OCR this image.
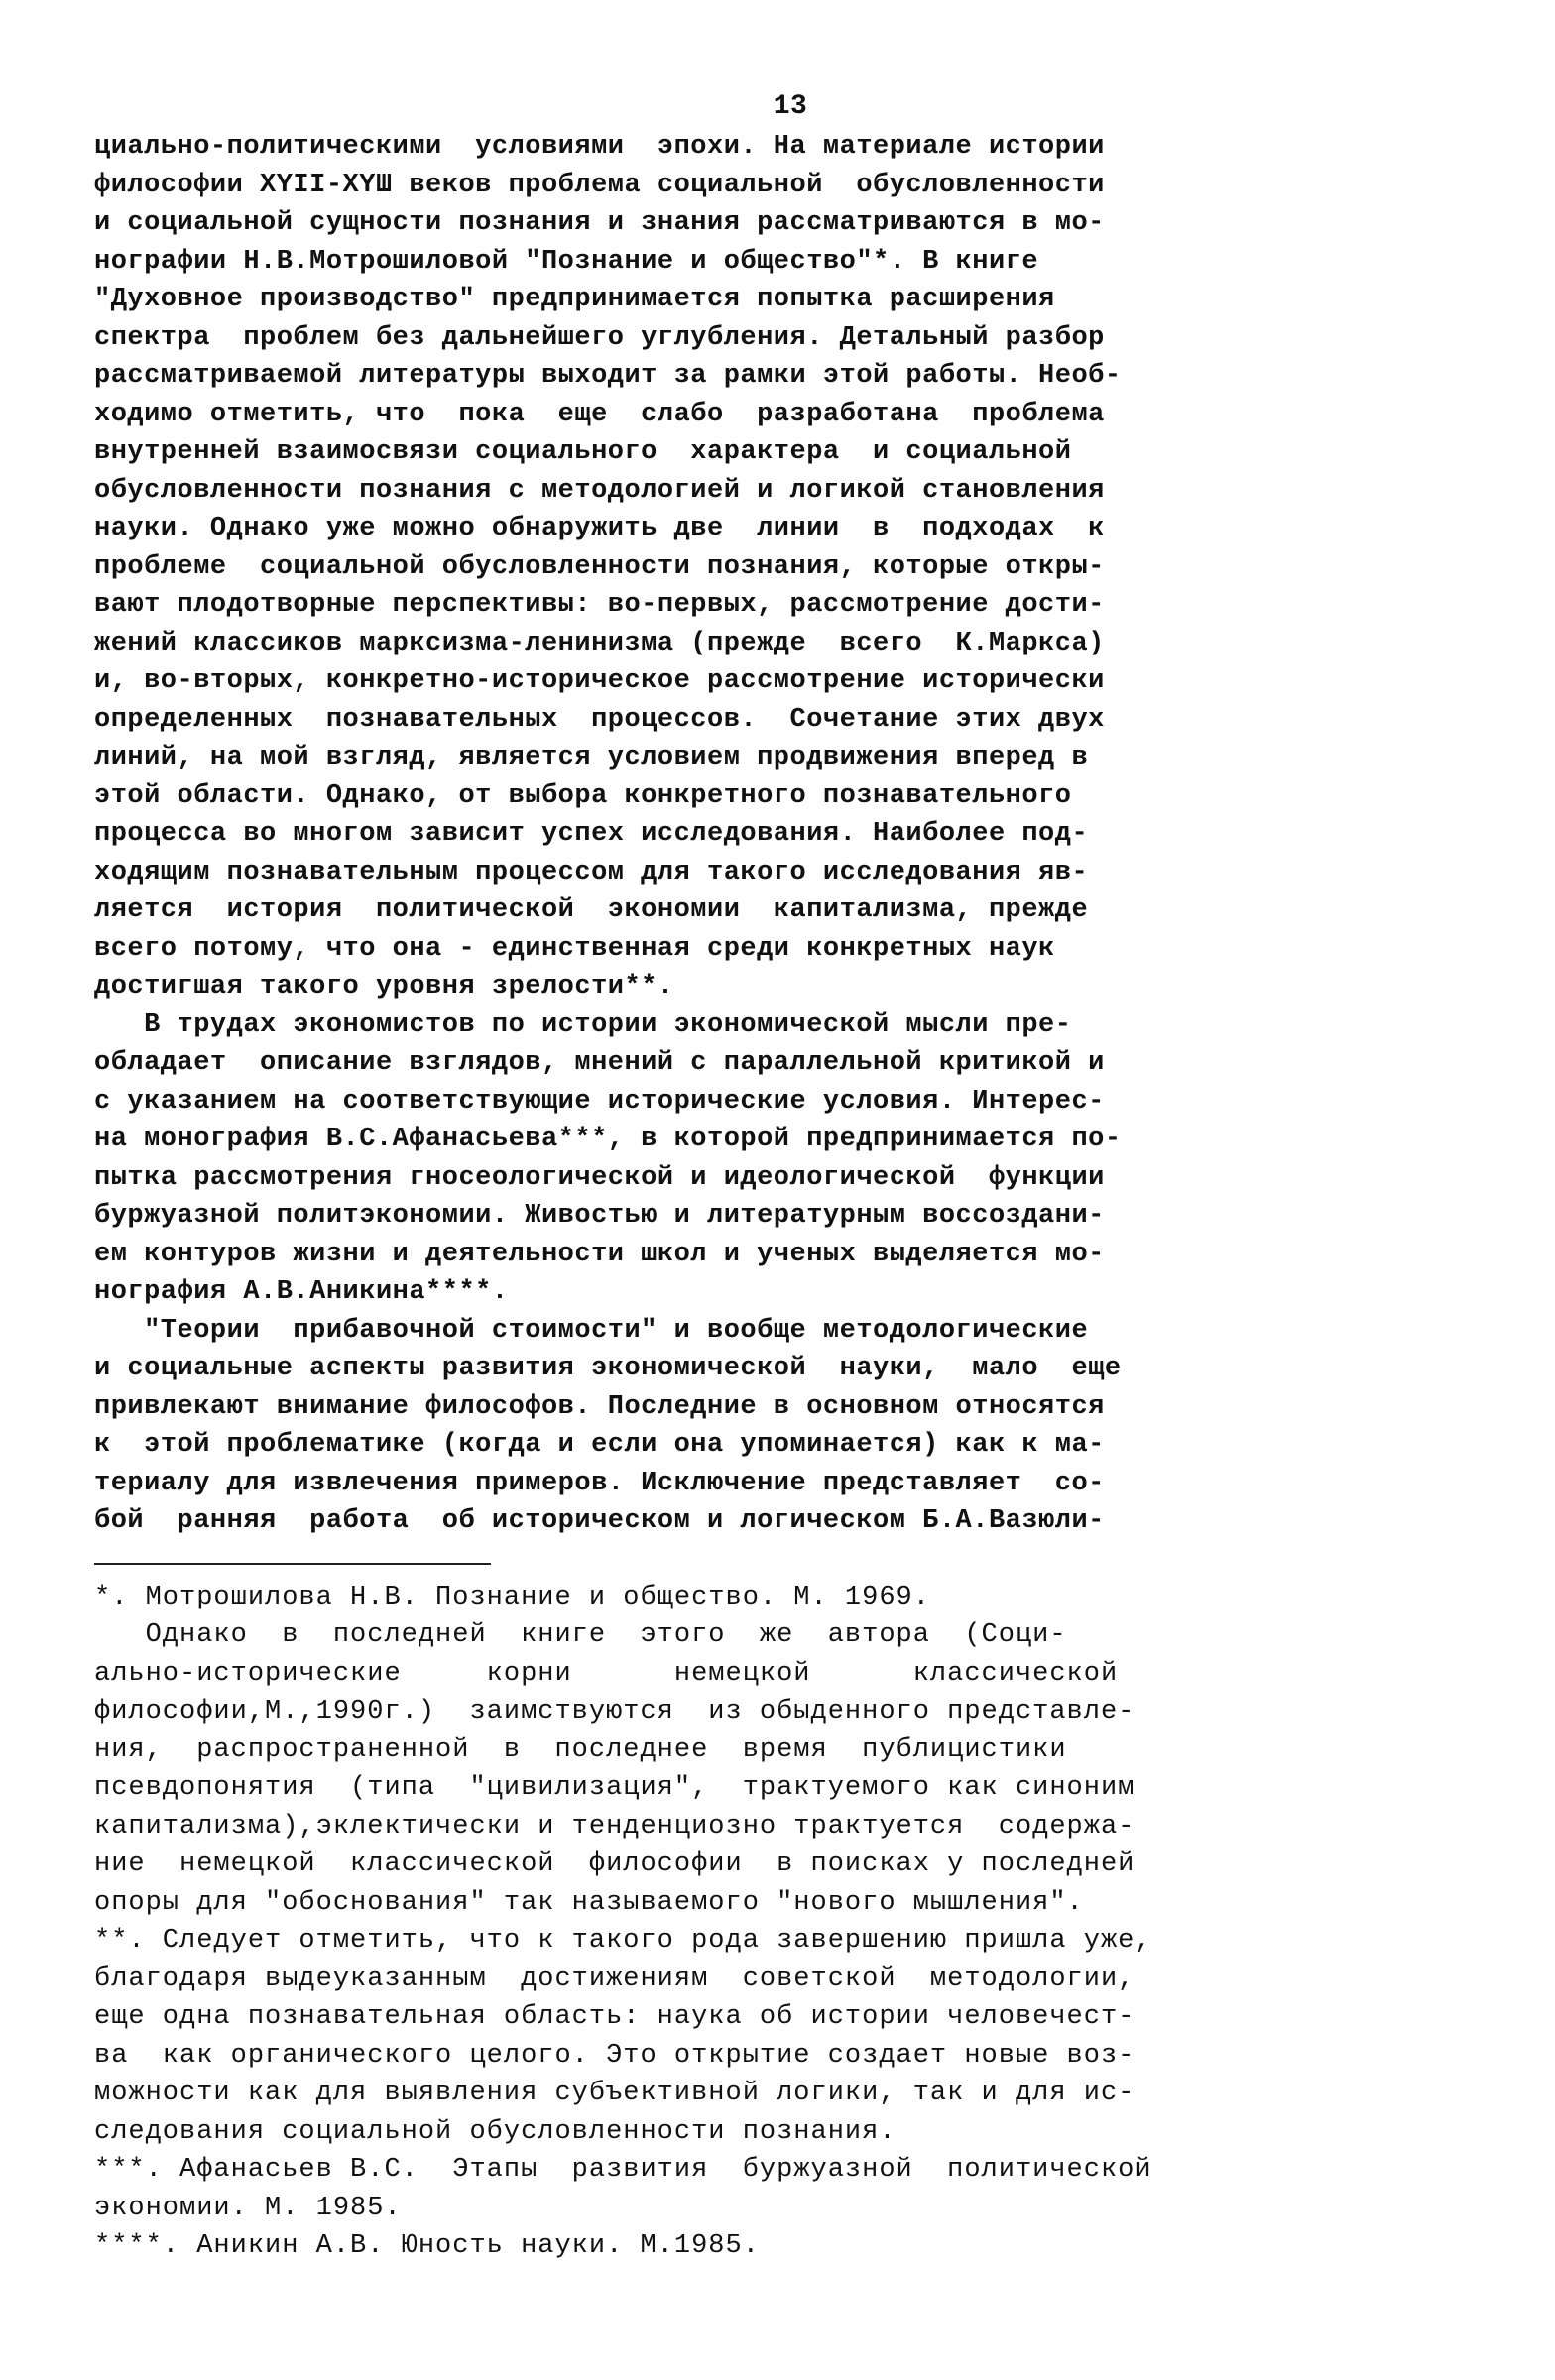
13
циально-политическими  условиями  эпохи. На материале истории
философии XYII-XYШ веков проблема социальной  обусловленности
и социальной сущности познания и знания рассматриваются в мо-
нографии Н.В.Мотрошиловой "Познание и общество"*. В книге
"Духовное производство" предпринимается попытка расширения
спектра  проблем без дальнейшего углубления. Детальный разбор
рассматриваемой литературы выходит за рамки этой работы. Необ-
ходимо отметить, что  пока  еще  слабо  разработана  проблема
внутренней взаимосвязи социального  характера  и социальной
обусловленности познания с методологией и логикой становления
науки. Однако уже можно обнаружить две  линии  в  подходах  к
проблеме  социальной обусловленности познания, которые откры-
вают плодотворные перспективы: во-первых, рассмотрение дости-
жений классиков марксизма-ленинизма (прежде  всего  К.Маркса)
и, во-вторых, конкретно-историческое рассмотрение исторически
определенных  познавательных  процессов.  Сочетание этих двух
линий, на мой взгляд, является условием продвижения вперед в
этой области. Однако, от выбора конкретного познавательного
процесса во многом зависит успех исследования. Наиболее под-
ходящим познавательным процессом для такого исследования яв-
ляется  история  политической  экономии  капитализма, прежде
всего потому, что она - единственная среди конкретных наук
достигшая такого уровня зрелости**.
В трудах экономистов по истории экономической мысли пре-
обладает  описание взглядов, мнений с параллельной критикой и
с указанием на соответствующие исторические условия. Интерес-
на монография В.С.Афанасьева***, в которой предпринимается по-
пытка рассмотрения гносеологической и идеологической  функции
буржуазной политэкономии. Живостью и литературным воссоздани-
ем контуров жизни и деятельности школ и ученых выделяется мо-
нография А.В.Аникина****.
"Теории  прибавочной стоимости" и вообще методологические
и социальные аспекты развития экономической  науки,  мало  еще
привлекают внимание философов. Последние в основном относятся
к  этой проблематике (когда и если она упоминается) как к ма-
териалу для извлечения примеров. Исключение представляет  со-
бой  ранняя  работа  об историческом и логическом Б.А.Вазюли-
*. Мотрошилова Н.В. Познание и общество. М. 1969.
Однако  в  последней  книге  этого  же  автора  (Соци-
ально-исторические     корни      немецкой      классической
философии,М.,1990г.)  заимствуются  из обыденного представле-
ния,  распространенной  в  последнее  время  публицистики
псевдопонятия  (типа  "цивилизация",  трактуемого как синоним
капитализма),эклектически и тенденциозно трактуется  содержа-
ние  немецкой  классической  философии  в поисках у последней
опоры для "обоснования" так называемого "нового мышления".
**. Следует отметить, что к такого рода завершению пришла уже,
благодаря выдеуказанным  достижениям  советской  методологии,
еще одна познавательная область: наука об истории человечест-
ва  как органического целого. Это открытие создает новые воз-
можности как для выявления субъективной логики, так и для ис-
следования социальной обусловленности познания.
***. Афанасьев В.С.  Этапы  развития  буржуазной  политической
экономии. М. 1985.
****. Аникин А.В. Юность науки. М.1985.
